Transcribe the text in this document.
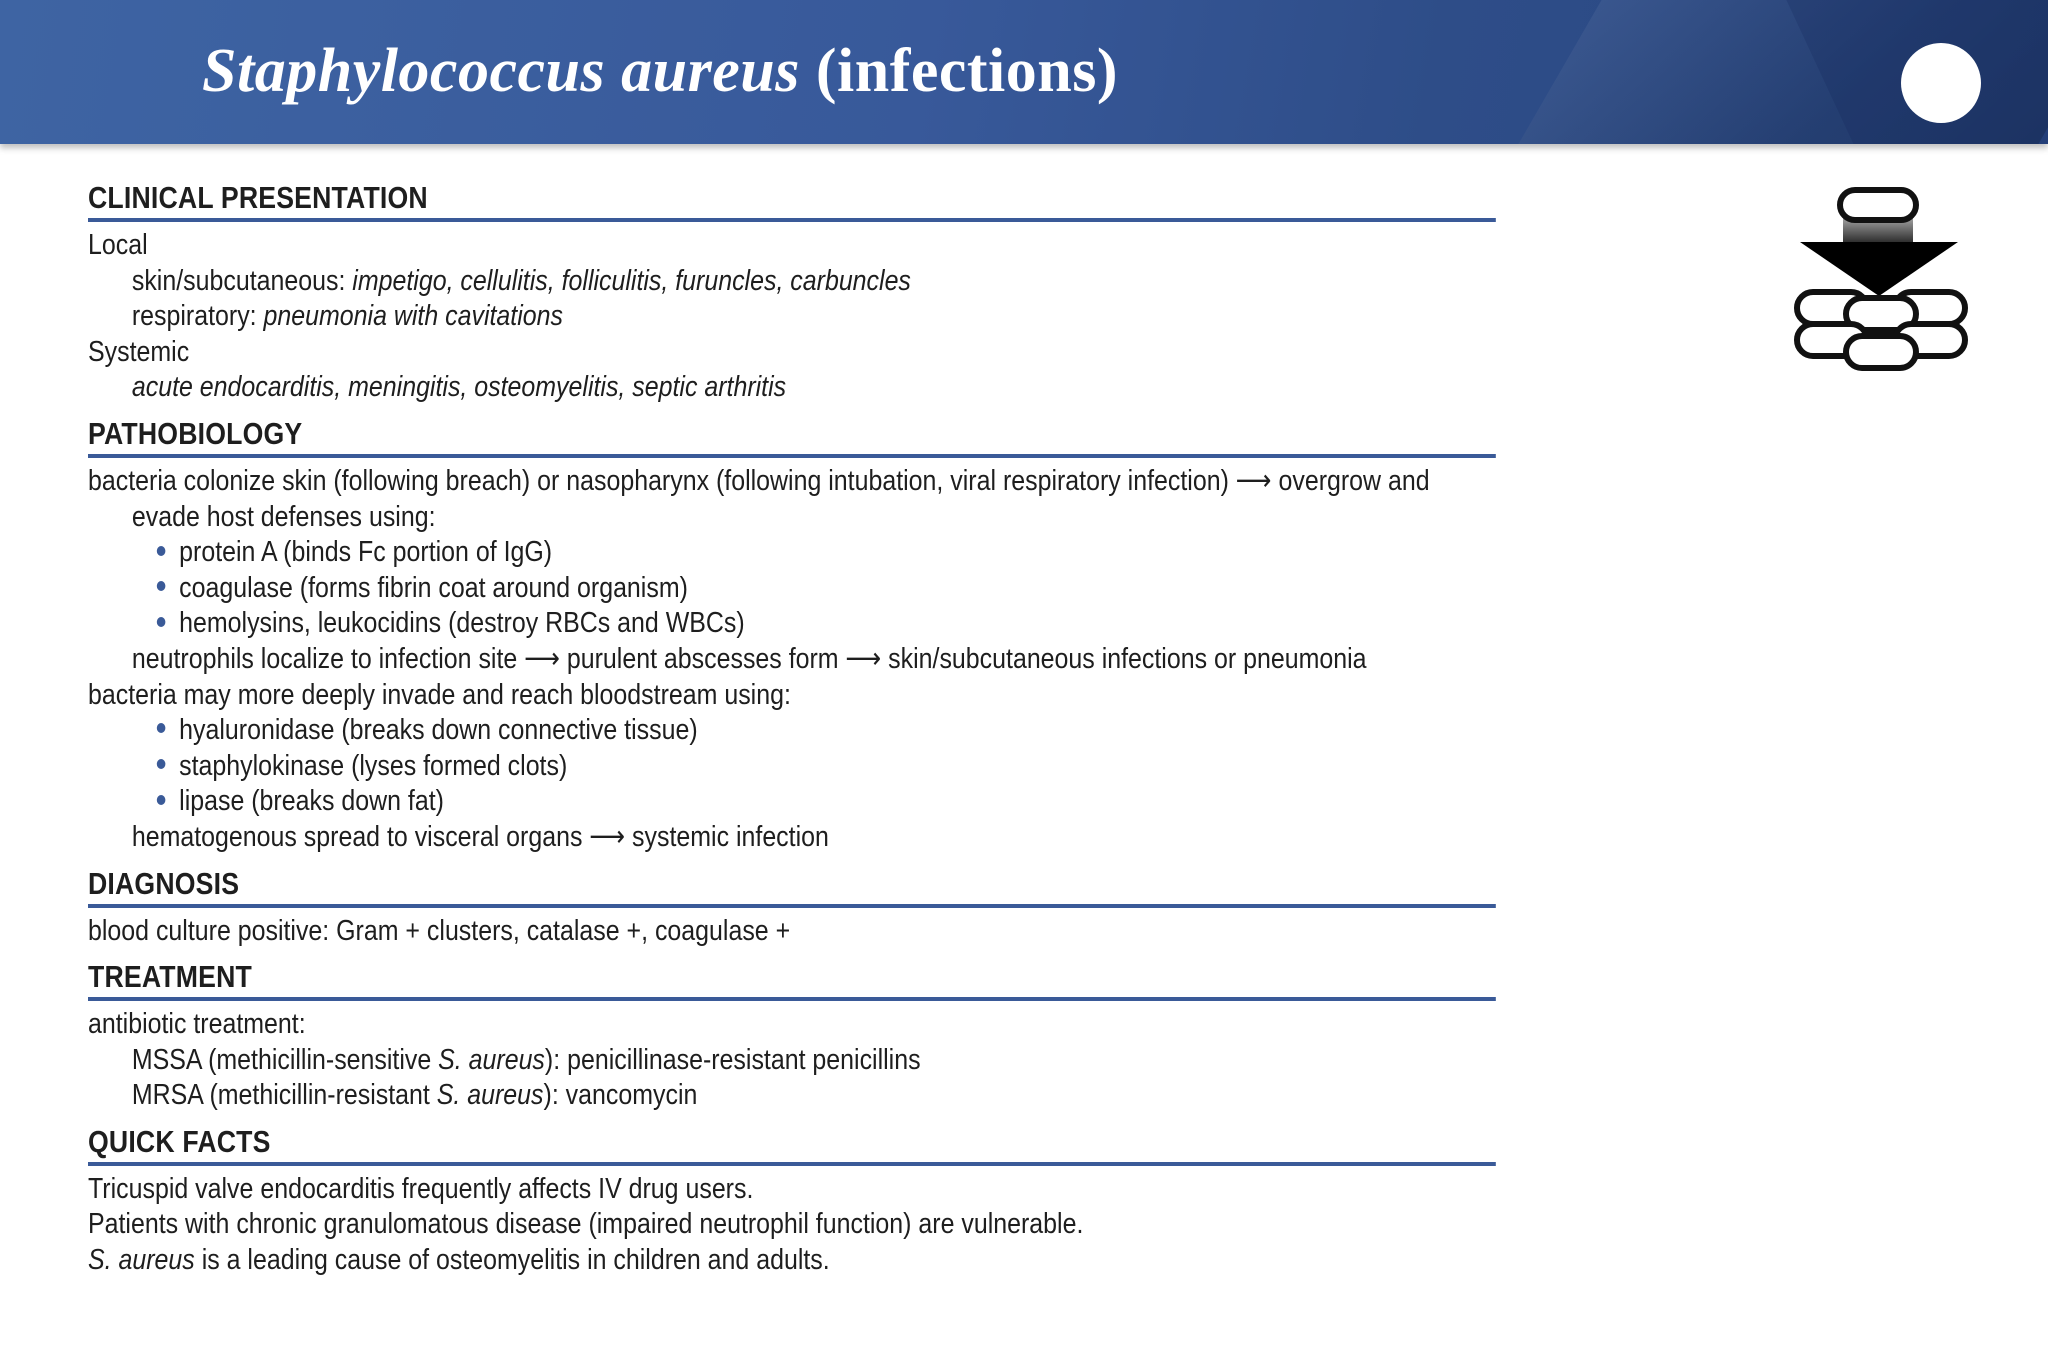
Staphylococcus aureus (infections)
CLINICAL PRESENTATION
Local
skin/subcutaneous: impetigo, cellulitis, folliculitis, furuncles, carbuncles
respiratory: pneumonia with cavitations
Systemic
acute endocarditis, meningitis, osteomyelitis, septic arthritis
PATHOBIOLOGY
bacteria colonize skin (following breach) or nasopharynx (following intubation, viral respiratory infection) ⟶ overgrow and
evade host defenses using:
protein A (binds Fc portion of IgG)
coagulase (forms fibrin coat around organism)
hemolysins, leukocidins (destroy RBCs and WBCs)
neutrophils localize to infection site ⟶ purulent abscesses form ⟶ skin/subcutaneous infections or pneumonia
bacteria may more deeply invade and reach bloodstream using:
hyaluronidase (breaks down connective tissue)
staphylokinase (lyses formed clots)
lipase (breaks down fat)
hematogenous spread to visceral organs ⟶ systemic infection
DIAGNOSIS
blood culture positive: Gram + clusters, catalase +, coagulase +
TREATMENT
antibiotic treatment:
MSSA (methicillin-sensitive S. aureus): penicillinase-resistant penicillins
MRSA (methicillin-resistant S. aureus): vancomycin
QUICK FACTS
Tricuspid valve endocarditis frequently affects IV drug users.
Patients with chronic granulomatous disease (impaired neutrophil function) are vulnerable.
S. aureus is a leading cause of osteomyelitis in children and adults.
